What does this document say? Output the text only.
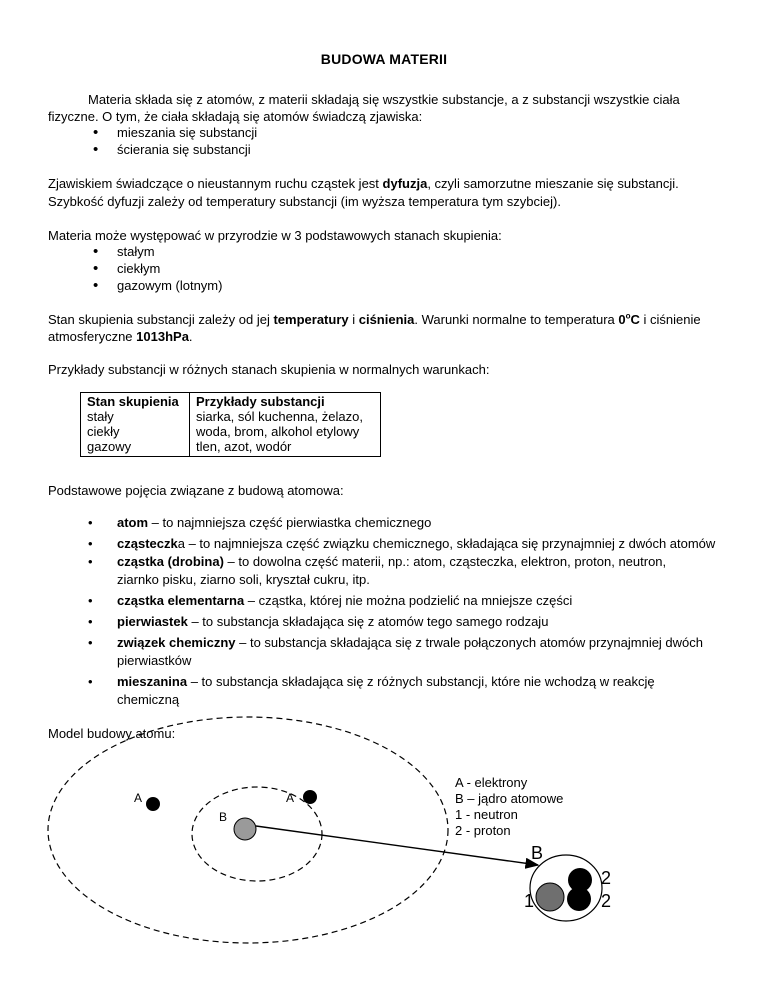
BUDOWA MATERII
Materia składa się z atomów, z materii składają się wszystkie substancje, a z substancji wszystkie ciała
fizyczne. O tym, że ciała składają się atomów świadczą zjawiska:
• mieszania się substancji
• ścierania się substancji
Zjawiskiem świadczące o nieustannym ruchu cząstek jest dyfuzja, czyli samorzutne mieszanie się substancji.
Szybkość dyfuzji zależy od temperatury substancji (im wyższa temperatura tym szybciej).
Materia może występować w przyrodzie w 3 podstawowych stanach skupienia:
• stałym
• ciekłym
• gazowym (lotnym)
Stan skupienia substancji zależy od jej temperatury i ciśnienia. Warunki normalne to temperatura 0$^o$C i ciśnienie
atmosferyczne 1013hPa.
Przykłady substancji w różnych stanach skupienia w normalnych warunkach:
Stan skupienia	Przykłady substancji
stały	siarka, sól kuchenna, żelazo,
ciekły	woda, brom, alkohol etylowy
gazowy	tlen, azot, wodór
Podstawowe pojęcia związane z budową atomowa:
• atom – to najmniejsza część pierwiastka chemicznego
• cząsteczka – to najmniejsza część związku chemicznego, składająca się przynajmniej z dwóch atomów
• cząstka (drobina) – to dowolna część materii, np.: atom, cząsteczka, elektron, proton, neutron,
ziarnko pisku, ziarno soli, kryształ cukru, itp.
• cząstka elementarna – cząstka, której nie można podzielić na mniejsze części
• pierwiastek – to substancja składająca się z atomów tego samego rodzaju
• związek chemiczny – to substancja składająca się z trwale połączonych atomów przynajmniej dwóch
pierwiastków
• mieszanina – to substancja składająca się z różnych substancji, które nie wchodzą w reakcję
chemiczną
Model budowy atomu:
A	A
B
B
1
2
2
A - elektrony
B – jądro atomowe
1 - neutron
2 - proton
